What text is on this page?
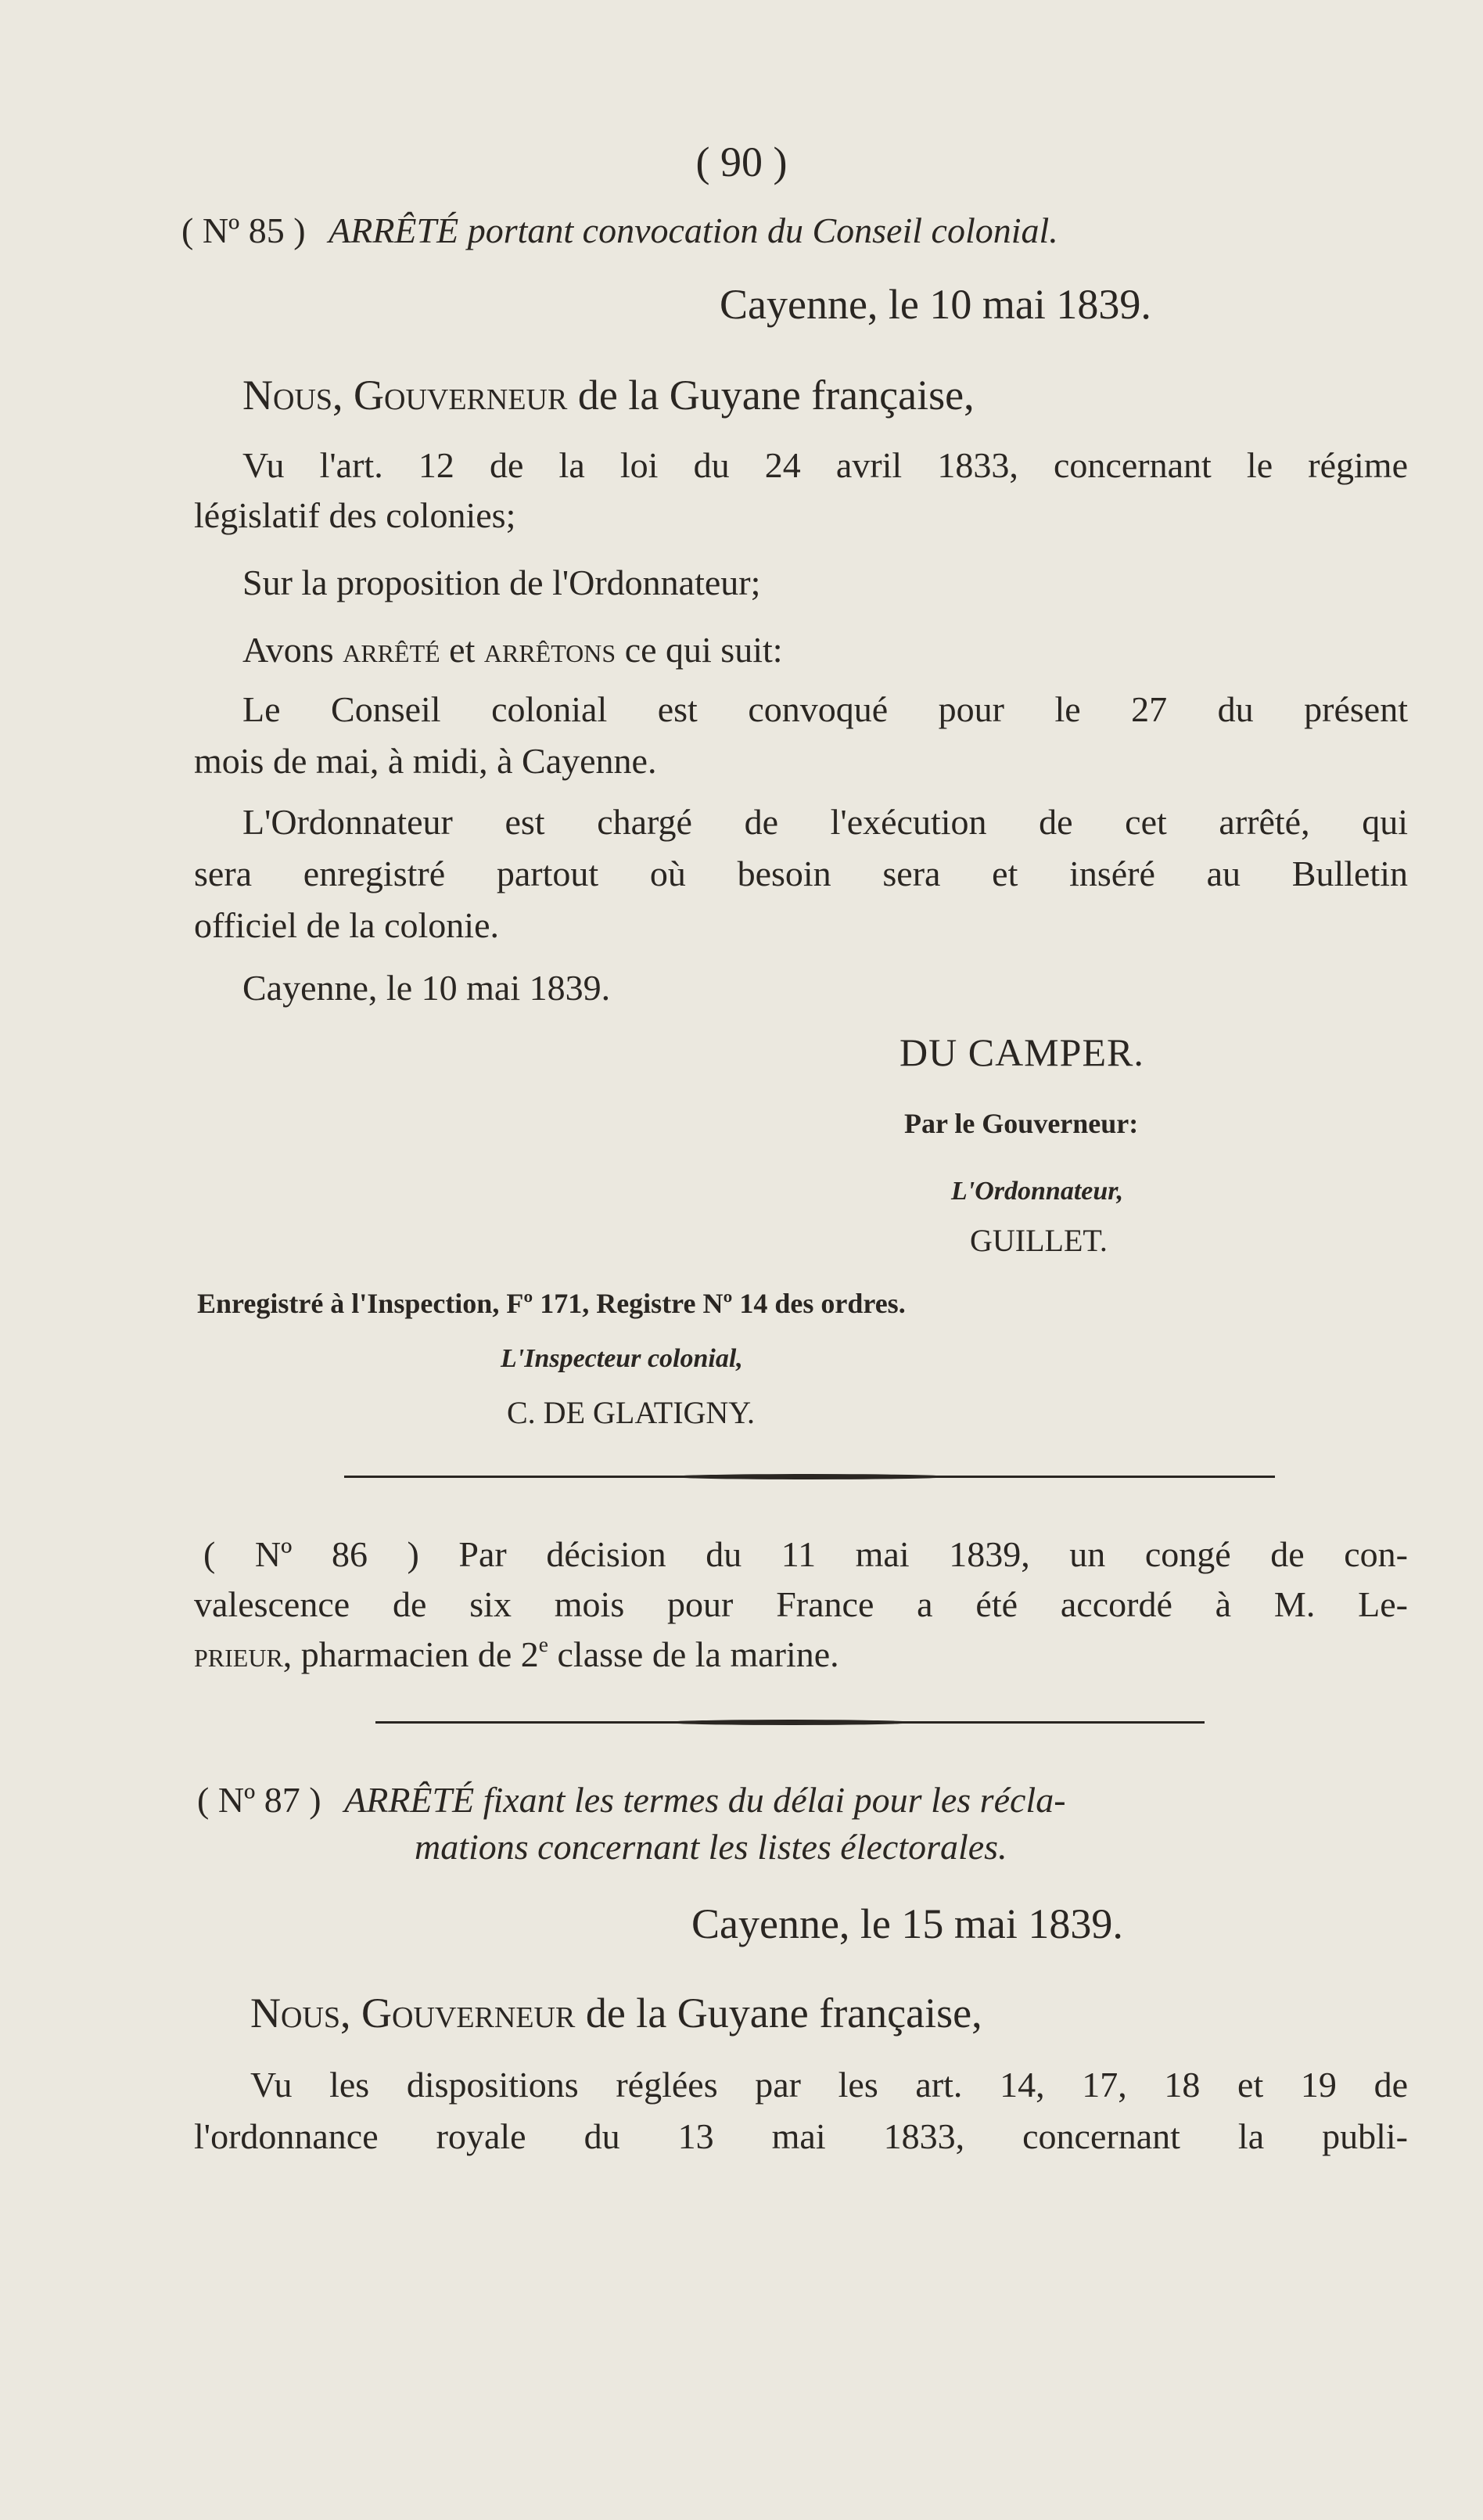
( 90 )
( Nº 85 ) ARRÊTÉ portant convocation du Conseil colonial.
Cayenne, le 10 mai 1839.
Nous, Gouverneur de la Guyane française,
Vu l'art. 12 de la loi du 24 avril 1833, concernant le régime
législatif des colonies;
Sur la proposition de l'Ordonnateur;
Avons arrêté et arrêtons ce qui suit:
Le Conseil colonial est convoqué pour le 27 du présent
mois de mai, à midi, à Cayenne.
L'Ordonnateur est chargé de l'exécution de cet arrêté, qui
sera enregistré partout où besoin sera et inséré au Bulletin
officiel de la colonie.
Cayenne, le 10 mai 1839.
DU CAMPER.
Par le Gouverneur:
L'Ordonnateur,
GUILLET.
Enregistré à l'Inspection, Fº 171, Registre Nº 14 des ordres.
L'Inspecteur colonial,
C. DE GLATIGNY.
( Nº 86 ) Par décision du 11 mai 1839, un congé de con-
valescence de six mois pour France a été accordé à M. Le-
prieur, pharmacien de 2e classe de la marine.
( Nº 87 ) ARRÊTÉ fixant les termes du délai pour les récla-
mations concernant les listes électorales.
Cayenne, le 15 mai 1839.
Nous, Gouverneur de la Guyane française,
Vu les dispositions réglées par les art. 14, 17, 18 et 19 de
l'ordonnance royale du 13 mai 1833, concernant la publi-
